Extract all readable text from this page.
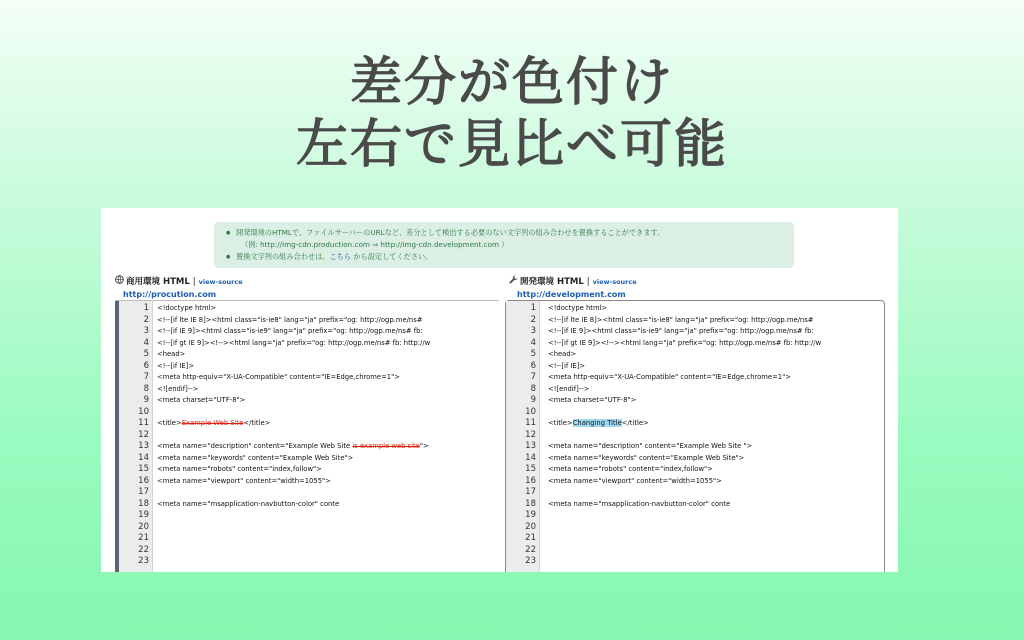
差分が色付け
左右で見比べ可能
● 開発環境のHTMLで、ファイルサーバーのURLなど、差分として検出する必要のない文字列の組み合わせを置換することができます。
（例: http://img-cdn.production.com ⇒ http://img-cdn.development.com ）
● 置換文字列の組み合わせは、こちら から設定してください。
商用環境 HTML | view-source
http://procution.com
開発環境 HTML | view-source
http://development.com
1 <!doctype html>
2 <!--[if lte IE 8]><html class="is-ie8" lang="ja" prefix="og: http://ogp.me/ns#
3 <!--[if IE 9]><html class="is-ie9" lang="ja" prefix="og: http://ogp.me/ns# fb:
4 <!--[if gt IE 9]><!--><html lang="ja" prefix="og: http://ogp.me/ns# fb: http://w
5 <head>
6 <!--[if IE]>
7 <meta http-equiv="X-UA-Compatible" content="IE=Edge,chrome=1">
8 <![endif]-->
9 <meta charset="UTF-8">
10
11 <title>Example Web Site</title>
12
13 <meta name="description" content="Example Web Site is example web site">
14 <meta name="keywords" content="Example Web Site">
15 <meta name="robots" content="index,follow">
16 <meta name="viewport" content="width=1055">
17
18 <meta name="msapplication-navbutton-color" conte
19
20
21
22
23
1 <!doctype html>
2 <!--[if lte IE 8]><html class="is-ie8" lang="ja" prefix="og: http://ogp.me/ns#
3 <!--[if IE 9]><html class="is-ie9" lang="ja" prefix="og: http://ogp.me/ns# fb:
4 <!--[if gt IE 9]><!--><html lang="ja" prefix="og: http://ogp.me/ns# fb: http://w
5 <head>
6 <!--[if IE]>
7 <meta http-equiv="X-UA-Compatible" content="IE=Edge,chrome=1">
8 <![endif]-->
9 <meta charset="UTF-8">
10
11 <title>Changing Title</title>
12
13 <meta name="description" content="Example Web Site ">
14 <meta name="keywords" content="Example Web Site">
15 <meta name="robots" content="index,follow">
16 <meta name="viewport" content="width=1055">
17
18 <meta name="msapplication-navbutton-color" conte
19
20
21
22
23
